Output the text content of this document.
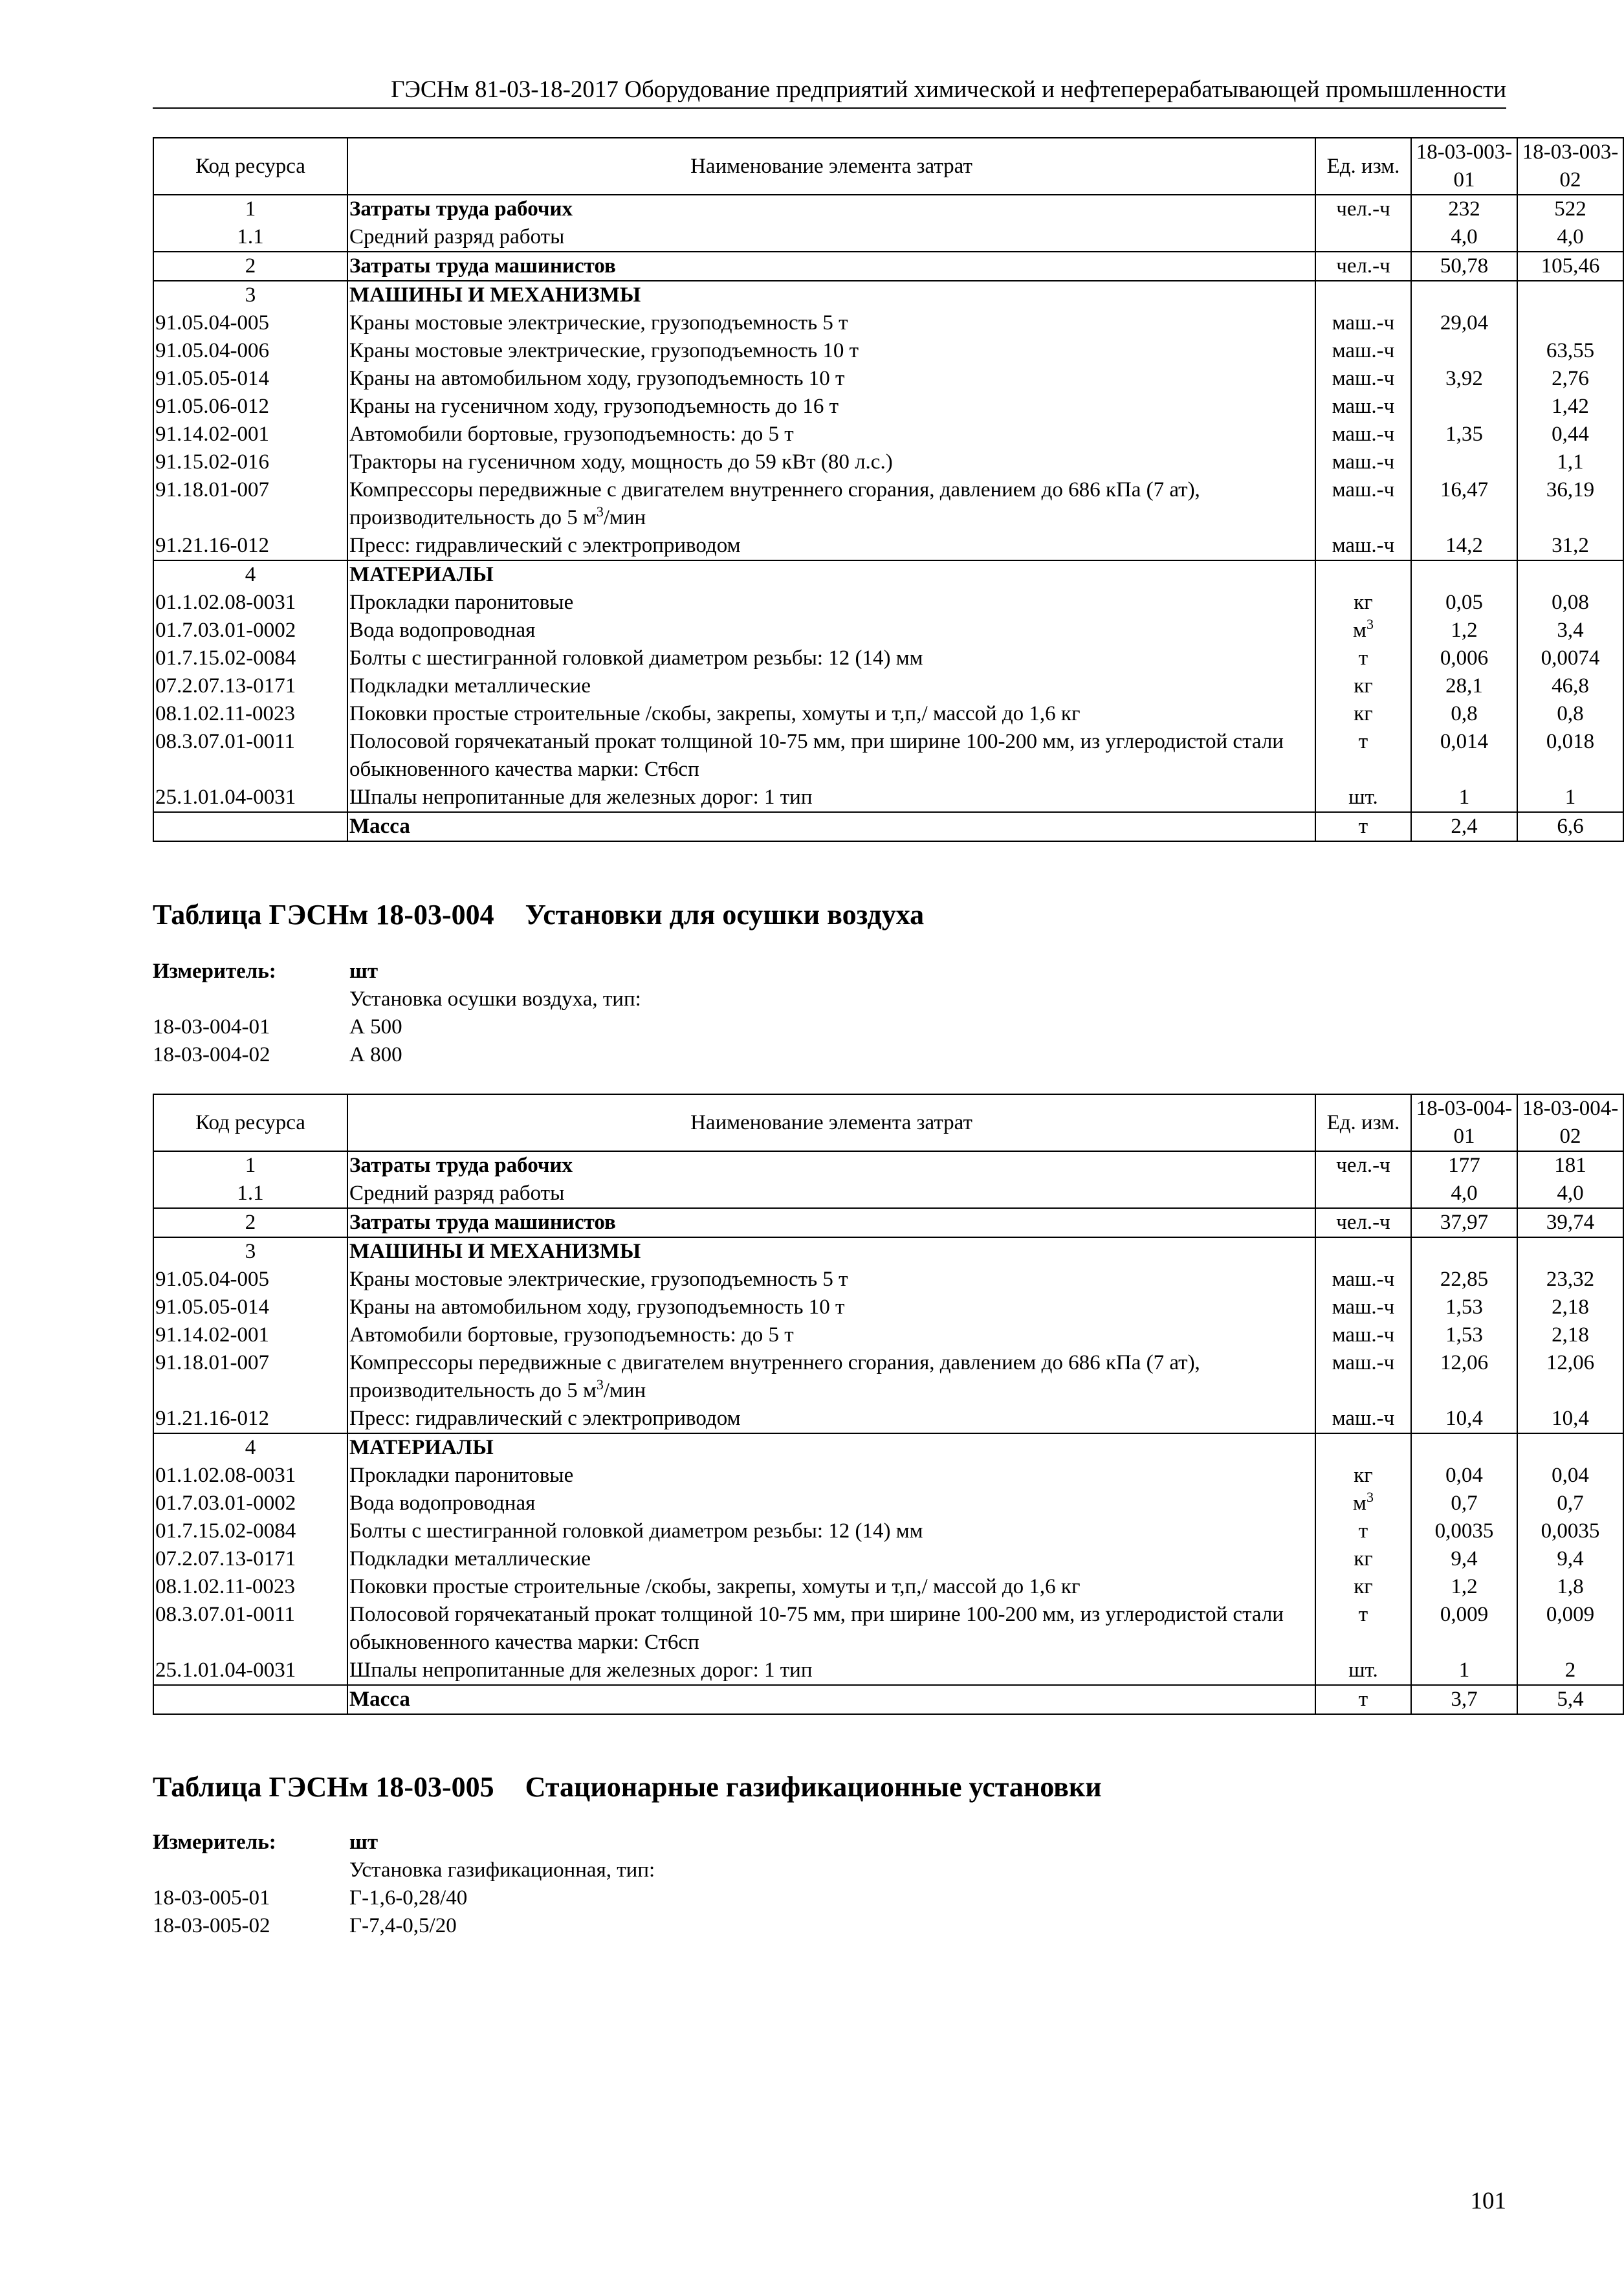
ГЭСНм 81-03-18-2017 Оборудование предприятий химической и нефтеперерабатывающей промышленности
Код ресурса	Наименование элемента затрат	Ед. изм.	18-03-003-01	18-03-003-02
1	Затраты труда рабочих	чел.-ч	232	522
1.1	Средний разряд работы		4,0	4,0
2	Затраты труда машинистов	чел.-ч	50,78	105,46
3	МАШИНЫ И МЕХАНИЗМЫ			
91.05.04-005	Краны мостовые электрические, грузоподъемность 5 т	маш.-ч	29,04	
91.05.04-006	Краны мостовые электрические, грузоподъемность 10 т	маш.-ч		63,55
91.05.05-014	Краны на автомобильном ходу, грузоподъемность 10 т	маш.-ч	3,92	2,76
91.05.06-012	Краны на гусеничном ходу, грузоподъемность до 16 т	маш.-ч		1,42
91.14.02-001	Автомобили бортовые, грузоподъемность: до 5 т	маш.-ч	1,35	0,44
91.15.02-016	Тракторы на гусеничном ходу, мощность до 59 кВт (80 л.с.)	маш.-ч		1,1
91.18.01-007	Компрессоры передвижные с двигателем внутреннего сгорания, давлением до 686 кПа (7 ат), производительность до 5 $м^3$/мин	маш.-ч	16,47	36,19
91.21.16-012	Пресс: гидравлический с электроприводом	маш.-ч	14,2	31,2
4	МАТЕРИАЛЫ			
01.1.02.08-0031	Прокладки паронитовые	кг	0,05	0,08
01.7.03.01-0002	Вода водопроводная	$м^3$	1,2	3,4
01.7.15.02-0084	Болты с шестигранной головкой диаметром резьбы: 12 (14) мм	т	0,006	0,0074
07.2.07.13-0171	Подкладки металлические	кг	28,1	46,8
08.1.02.11-0023	Поковки простые строительные /скобы, закрепы, хомуты и т,п,/ массой до 1,6 кг	кг	0,8	0,8
08.3.07.01-0011	Полосовой горячекатаный прокат толщиной 10-75 мм, при ширине 100-200 мм, из углеродистой стали обыкновенного качества марки: Ст6сп	т	0,014	0,018
25.1.01.04-0031	Шпалы непропитанные для железных дорог: 1 тип	шт.	1	1
	Масса	т	2,4	6,6
Таблица ГЭСНм 18-03-004 Установки для осушки воздуха
Измеритель:	шт
Установка осушки воздуха, тип:
18-03-004-01	А 500
18-03-004-02	А 800
Код ресурса	Наименование элемента затрат	Ед. изм.	18-03-004-01	18-03-004-02
1	Затраты труда рабочих	чел.-ч	177	181
1.1	Средний разряд работы		4,0	4,0
2	Затраты труда машинистов	чел.-ч	37,97	39,74
3	МАШИНЫ И МЕХАНИЗМЫ			
91.05.04-005	Краны мостовые электрические, грузоподъемность 5 т	маш.-ч	22,85	23,32
91.05.05-014	Краны на автомобильном ходу, грузоподъемность 10 т	маш.-ч	1,53	2,18
91.14.02-001	Автомобили бортовые, грузоподъемность: до 5 т	маш.-ч	1,53	2,18
91.18.01-007	Компрессоры передвижные с двигателем внутреннего сгорания, давлением до 686 кПа (7 ат), производительность до 5 $м^3$/мин	маш.-ч	12,06	12,06
91.21.16-012	Пресс: гидравлический с электроприводом	маш.-ч	10,4	10,4
4	МАТЕРИАЛЫ			
01.1.02.08-0031	Прокладки паронитовые	кг	0,04	0,04
01.7.03.01-0002	Вода водопроводная	$м^3$	0,7	0,7
01.7.15.02-0084	Болты с шестигранной головкой диаметром резьбы: 12 (14) мм	т	0,0035	0,0035
07.2.07.13-0171	Подкладки металлические	кг	9,4	9,4
08.1.02.11-0023	Поковки простые строительные /скобы, закрепы, хомуты и т,п,/ массой до 1,6 кг	кг	1,2	1,8
08.3.07.01-0011	Полосовой горячекатаный прокат толщиной 10-75 мм, при ширине 100-200 мм, из углеродистой стали обыкновенного качества марки: Ст6сп	т	0,009	0,009
25.1.01.04-0031	Шпалы непропитанные для железных дорог: 1 тип	шт.	1	2
	Масса	т	3,7	5,4
Таблица ГЭСНм 18-03-005 Стационарные газификационные установки
Измеритель:	шт
Установка газификационная, тип:
18-03-005-01	Г-1,6-0,28/40
18-03-005-02	Г-7,4-0,5/20
101
